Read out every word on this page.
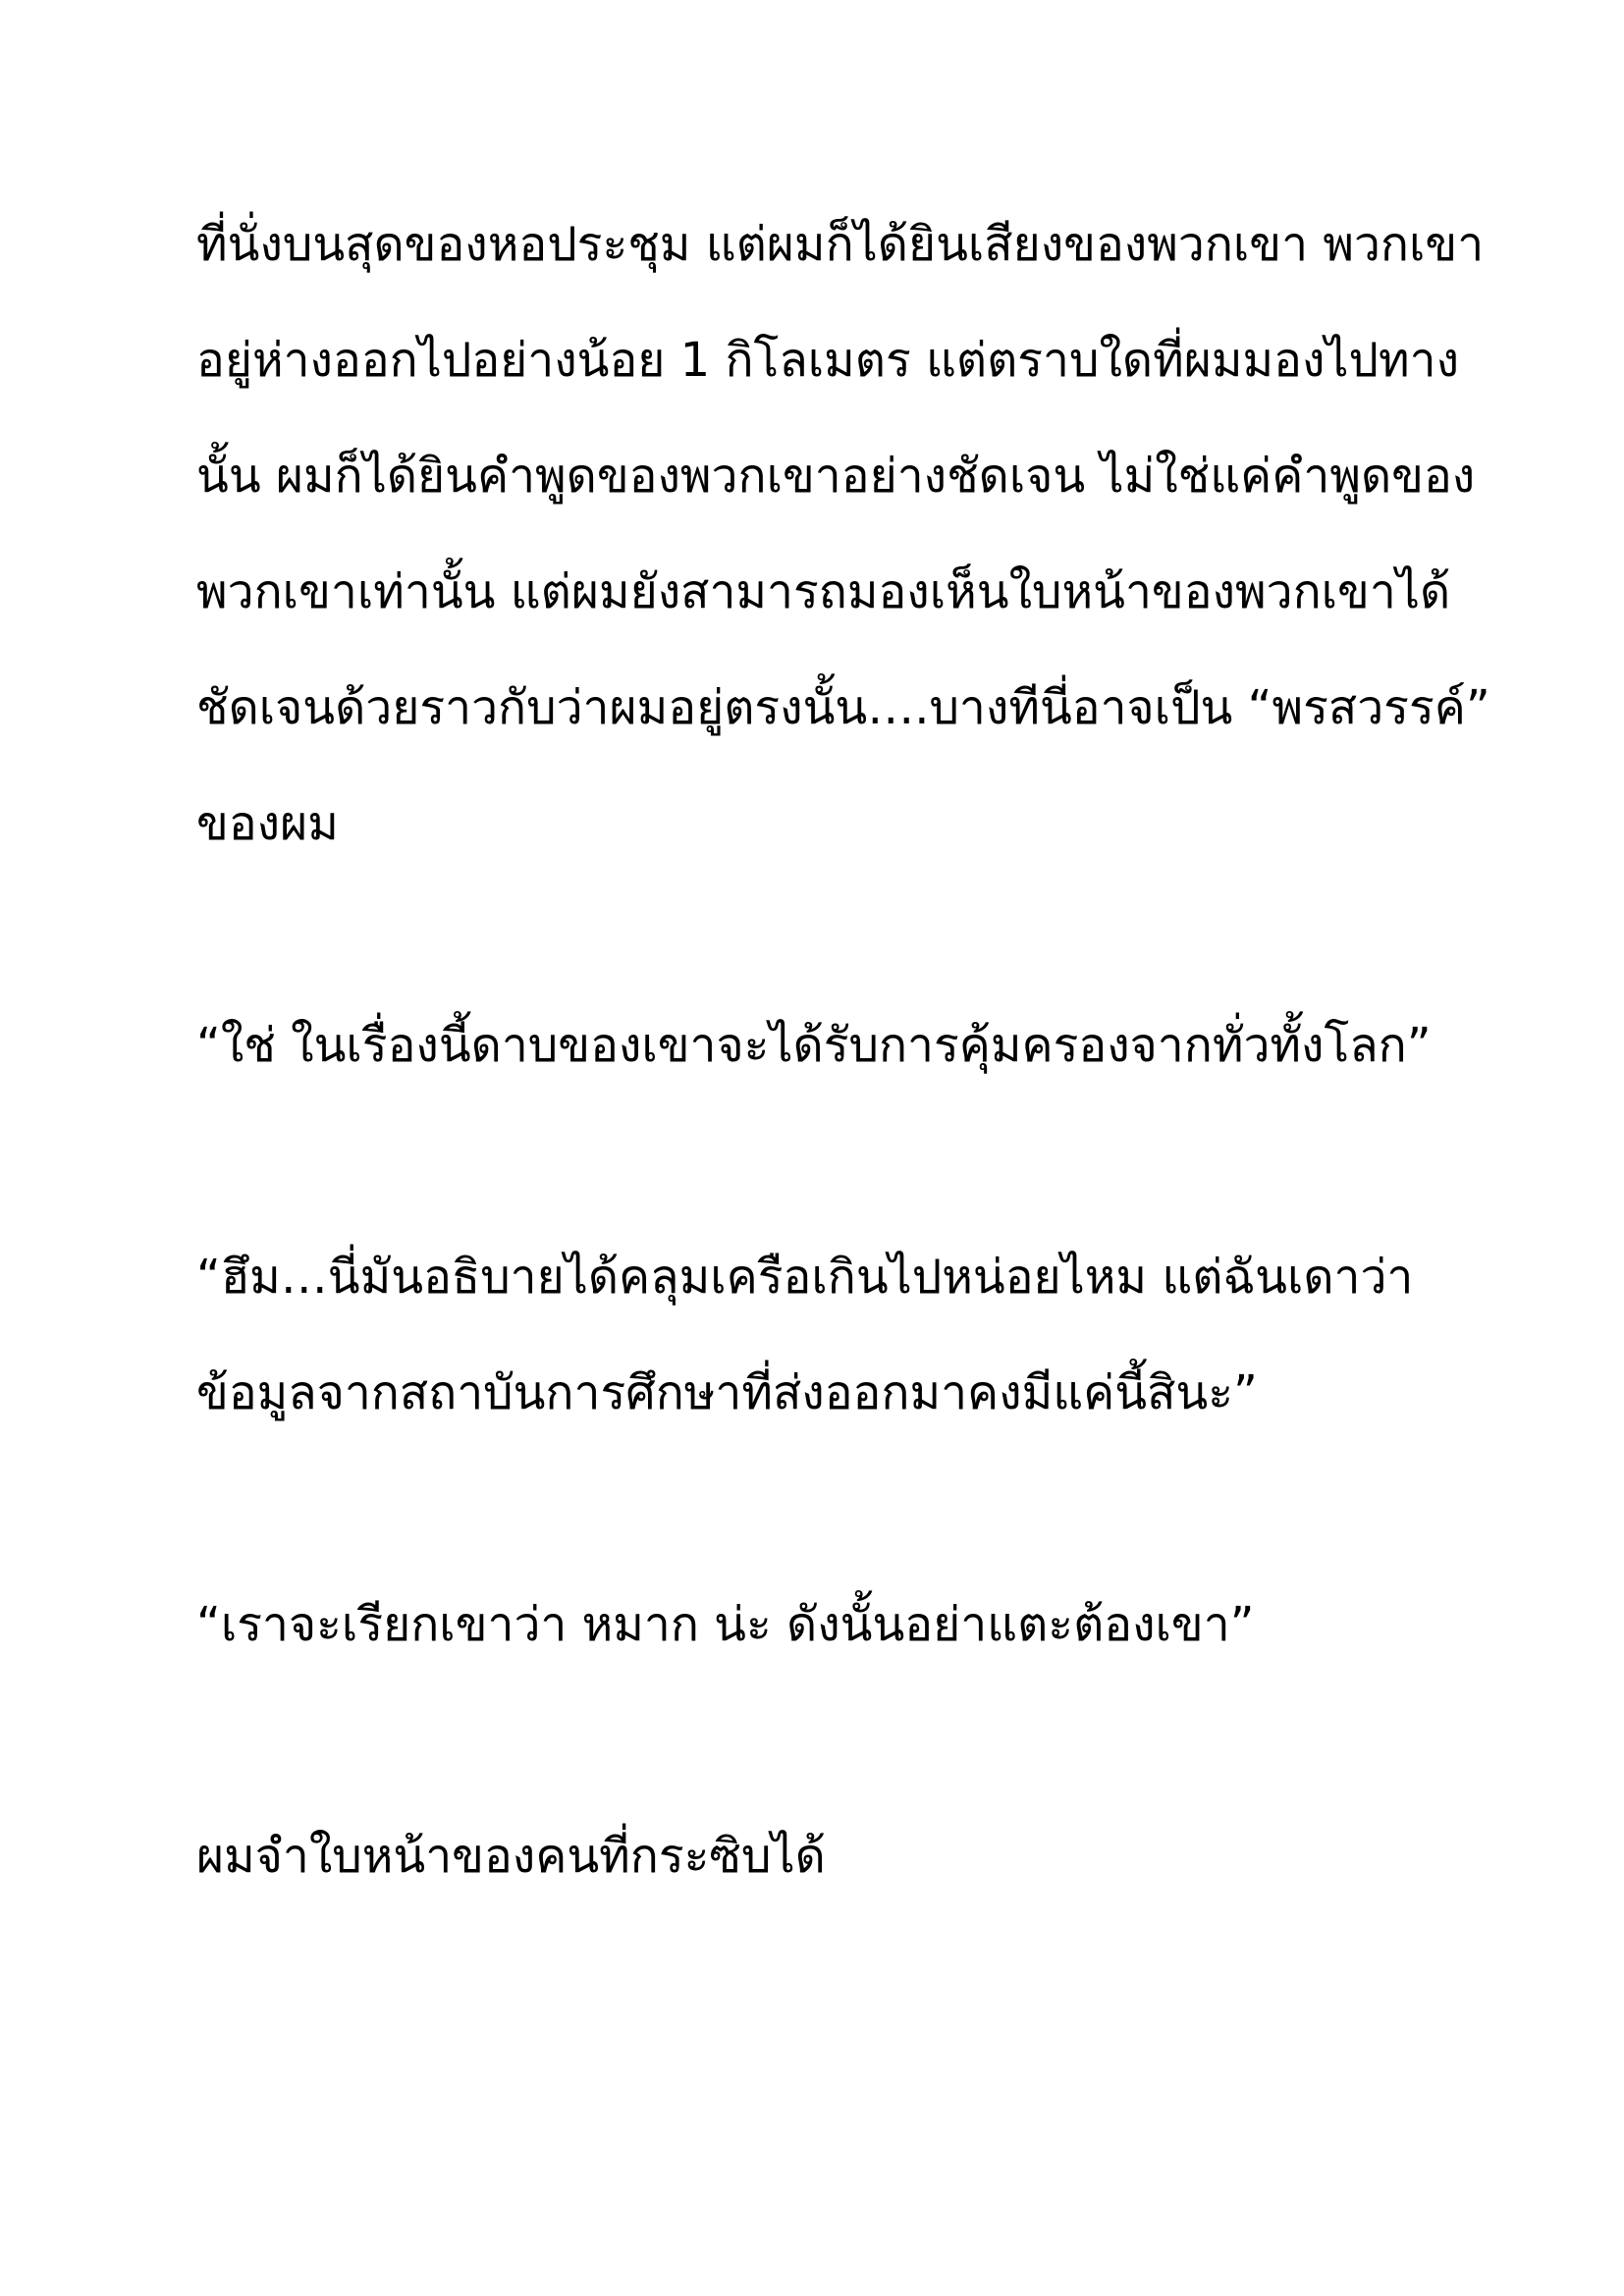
ที่นั่งบนสุดของหอประชุม แต่ผมก็ได้ยินเสียงของพวกเขา พวกเขา
อยู่ห่างออกไปอย่างน้อย 1 กิโลเมตร แต่ตราบใดที่ผมมองไปทาง
นั้น ผมก็ได้ยินคำพูดของพวกเขาอย่างชัดเจน ไม่ใช่แค่คำพูดของ
พวกเขาเท่านั้น แต่ผมยังสามารถมองเห็นใบหน้าของพวกเขาได้
ชัดเจนด้วยราวกับว่าผมอยู่ตรงนั้น….บางทีนี่อาจเป็น “พรสวรรค์”
ของผม

“ใช่ ในเรื่องนี้ดาบของเขาจะได้รับการคุ้มครองจากทั่วทั้งโลก”

“ฮึม…นี่มันอธิบายได้คลุมเครือเกินไปหน่อยไหม แต่ฉันเดาว่า
ข้อมูลจากสถาบันการศึกษาที่ส่งออกมาคงมีแค่นี้สินะ”

“เราจะเรียกเขาว่า หมาก น่ะ ดังนั้นอย่าแตะต้องเขา”

ผมจำใบหน้าของคนที่กระซิบได้
